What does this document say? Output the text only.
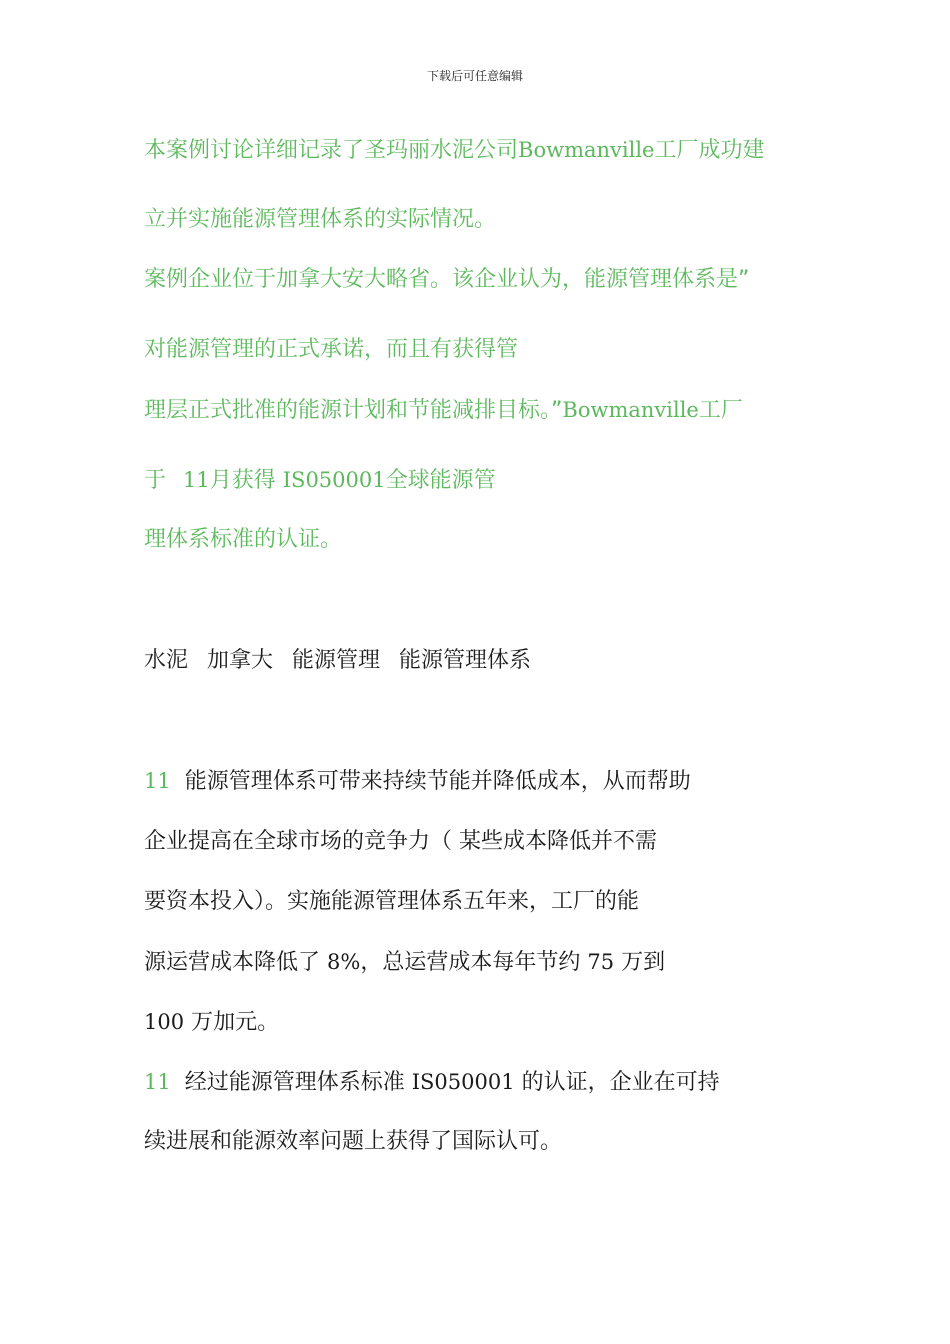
下载后可任意编辑
本案例讨论详细记录了圣玛丽水泥公司Bowmanville工厂成功建
立并实施能源管理体系的实际情况。
案例企业位于加拿大安大略省。该企业认为，能源管理体系是”
对能源管理的正式承诺，而且有获得管
理层正式批准的能源计划和节能减排目标。”Bowmanville工厂
于 11月获得 IS050001全球能源管
理体系标准的认证。
水泥 加拿大 能源管理 能源管理体系
11 能源管理体系可带来持续节能并降低成本，从而帮助
企业提高在全球市场的竞争力（ 某些成本降低并不需
要资本投入）。实施能源管理体系五年来，工厂的能
源运营成本降低了 8%，总运营成本每年节约 75 万到
100 万加元。
11 经过能源管理体系标准 IS050001 的认证，企业在可持
续进展和能源效率问题上获得了国际认可。
